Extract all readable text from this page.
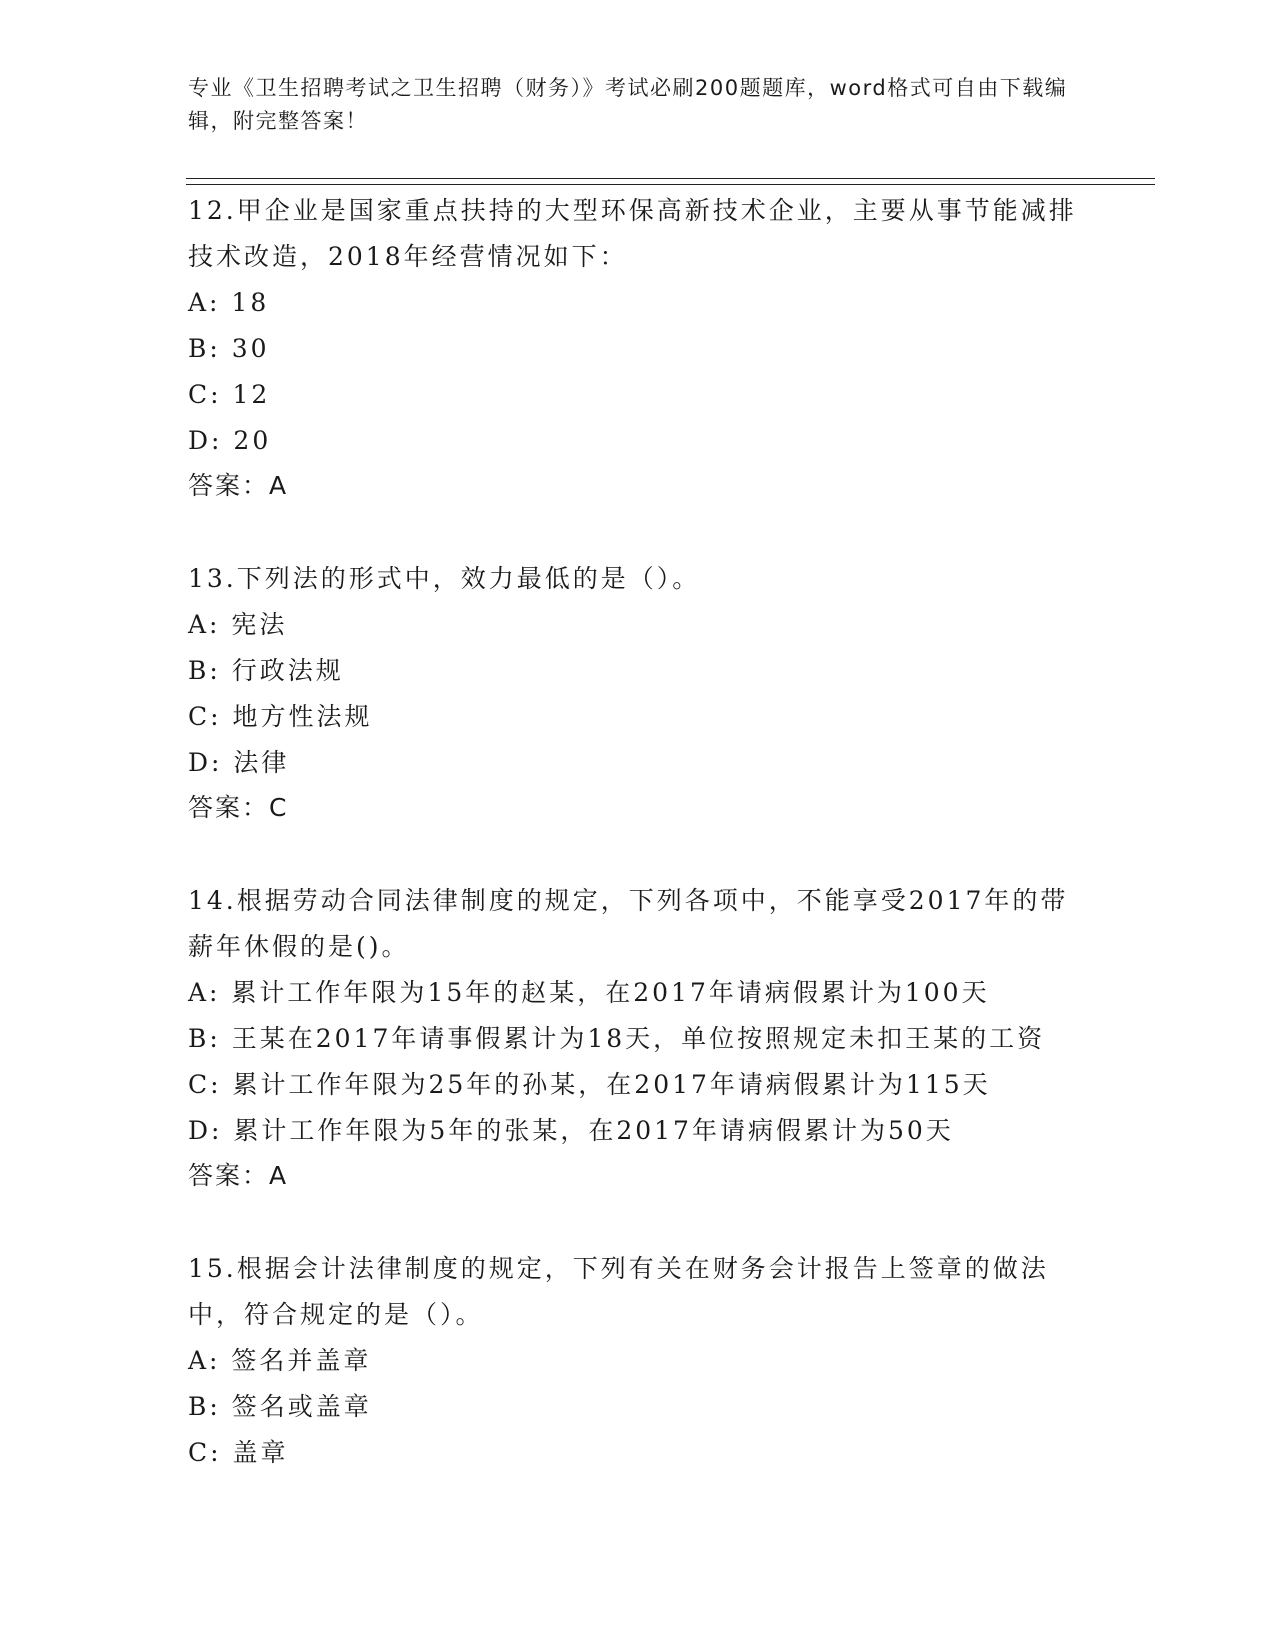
专业《卫生招聘考试之卫生招聘（财务）》考试必刷200题题库，word格式可自由下载编辑，附完整答案！
12.甲企业是国家重点扶持的大型环保高新技术企业，主要从事节能减排技术改造，2018年经营情况如下：
A: 18
B: 30
C: 12
D: 20
答案：A
13.下列法的形式中，效力最低的是（）。
A: 宪法
B: 行政法规
C: 地方性法规
D: 法律
答案：C
14.根据劳动合同法律制度的规定，下列各项中，不能享受2017年的带薪年休假的是()。
A: 累计工作年限为15年的赵某，在2017年请病假累计为100天
B: 王某在2017年请事假累计为18天，单位按照规定未扣王某的工资
C: 累计工作年限为25年的孙某，在2017年请病假累计为115天
D: 累计工作年限为5年的张某，在2017年请病假累计为50天
答案：A
15.根据会计法律制度的规定，下列有关在财务会计报告上签章的做法中，符合规定的是（）。
A: 签名并盖章
B: 签名或盖章
C: 盖章
